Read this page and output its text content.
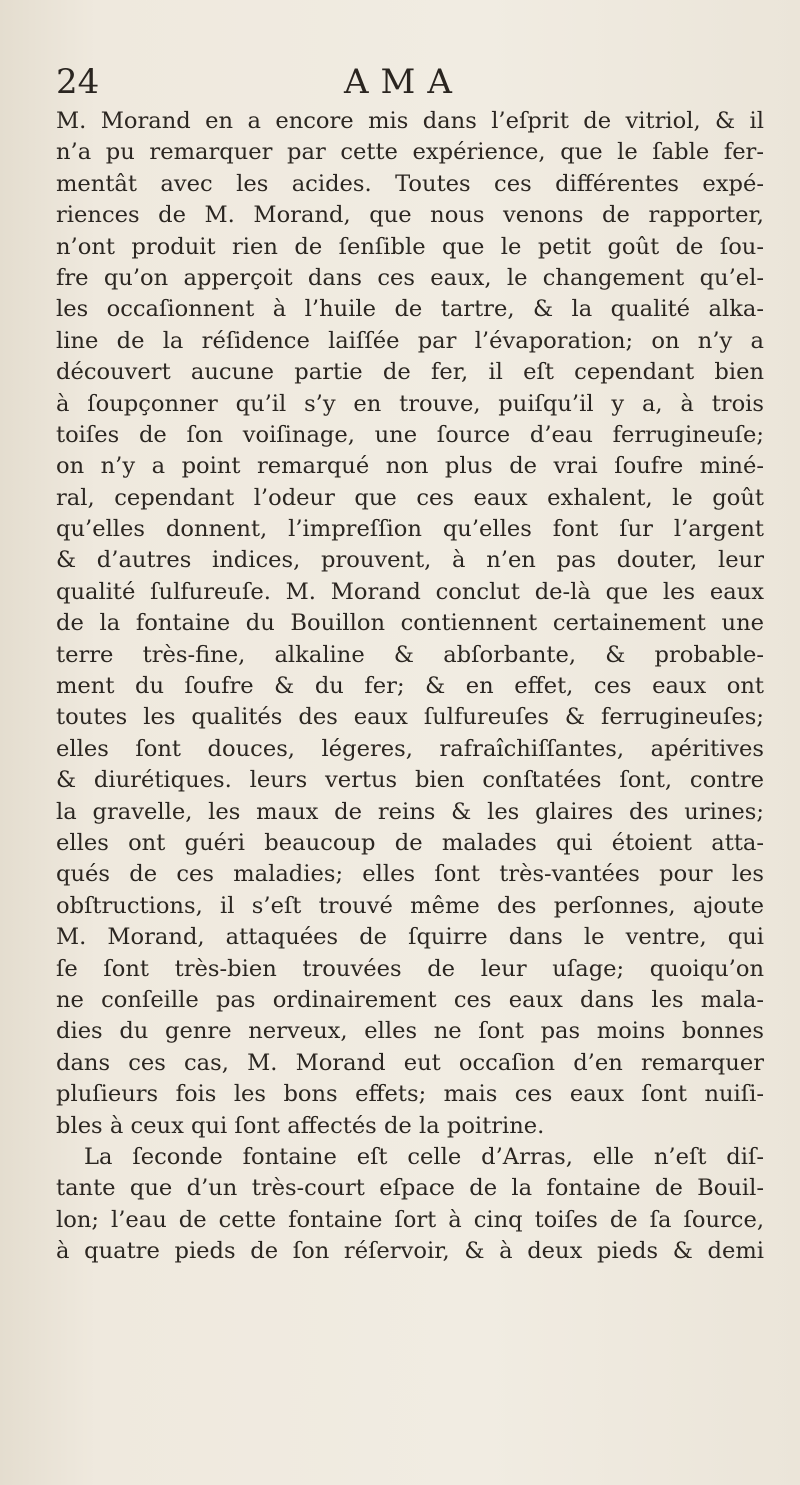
24	AMA
M. Morand en a encore mis dans l’eſprit de vitriol, & il
n’a pu remarquer par cette expérience, que le ſable fer-
mentât avec les acides. Toutes ces différentes expé-
riences de M. Morand, que nous venons de rapporter,
n’ont produit rien de ſenſible que le petit goût de ſou-
fre qu’on apperçoit dans ces eaux, le changement qu’el-
les occaſionnent à l’huile de tartre, & la qualité alka-
line de la réſidence laiſſée par l’évaporation; on n’y a
découvert aucune partie de fer, il eſt cependant bien
à ſoupçonner qu’il s’y en trouve, puiſqu’il y a, à trois
toiſes de ſon voiſinage, une ſource d’eau ferrugineuſe;
on n’y a point remarqué non plus de vrai ſoufre miné-
ral, cependant l’odeur que ces eaux exhalent, le goût
qu’elles donnent, l’impreſſion qu’elles font ſur l’argent
& d’autres indices, prouvent, à n’en pas douter, leur
qualité ſulfureuſe. M. Morand conclut de-là que les eaux
de la fontaine du Bouillon contiennent certainement une
terre très-fine, alkaline & abſorbante, & probable-
ment du ſoufre & du fer; & en effet, ces eaux ont
toutes les qualités des eaux ſulfureuſes & ferrugineuſes;
elles ſont douces, légeres, rafraîchiſſantes, apéritives
& diurétiques. leurs vertus bien conſtatées ſont, contre
la gravelle, les maux de reins & les glaires des urines;
elles ont guéri beaucoup de malades qui étoient atta-
qués de ces maladies; elles ſont très-vantées pour les
obſtructions, il s’eſt trouvé même des perſonnes, ajoute
M. Morand, attaquées de ſquirre dans le ventre, qui
ſe ſont très-bien trouvées de leur uſage; quoiqu’on
ne conſeille pas ordinairement ces eaux dans les mala-
dies du genre nerveux, elles ne ſont pas moins bonnes
dans ces cas, M. Morand eut occaſion d’en remarquer
pluſieurs fois les bons effets; mais ces eaux ſont nuiſi-
bles à ceux qui ſont affectés de la poitrine.
La ſeconde fontaine eſt celle d’Arras, elle n’eſt diſ-
tante que d’un très-court eſpace de la fontaine de Bouil-
lon; l’eau de cette fontaine ſort à cinq toiſes de ſa ſource,
à quatre pieds de ſon réſervoir, & à deux pieds & demi
